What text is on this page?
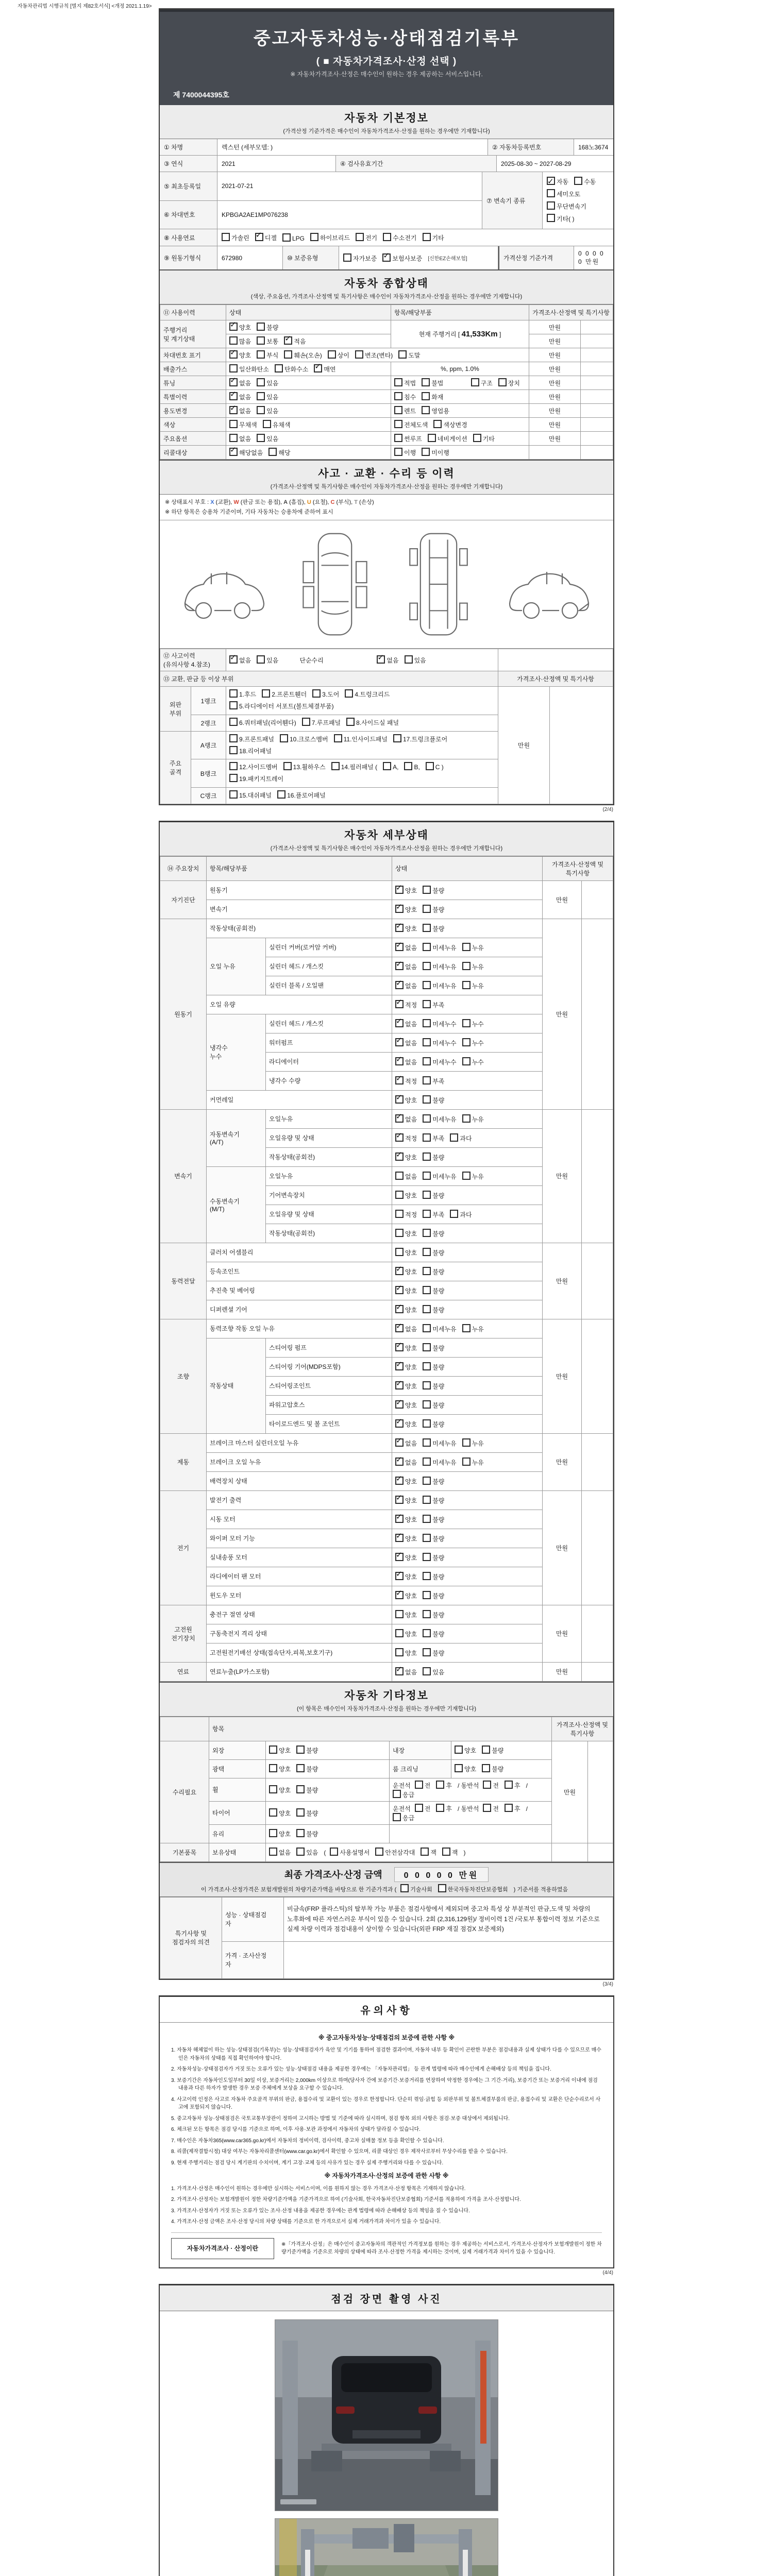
자동차관리법 시행규칙 [별지 제82호서식] <개정 2021.1.19>
중고자동차성능·상태점검기록부
( ■ 자동차가격조사·산정 선택 )
※ 자동차가격조사·산정은 매수인이 원하는 경우 제공하는 서비스입니다.
제 7400044395호
자동차 기본정보
(가격산정 기준가격은 매수인이 자동차가격조사·산정을 원하는 경우에만 기재합니다)
① 차명	렉스턴 (세부모델: )	② 자동차등록번호	168노3674
③ 연식	2021	④ 검사유효기간	2025-08-30 ~ 2027-08-29
⑤ 최초등록일	2021-07-21
⑥ 차대번호	KPBGA2AE1MP076238
⑦ 변속기 종류
✓자동	수동
세미오토
무단변속기
기타( )
⑧ 사용연료	가솔린 ✓	디젤	LPG	하이브리드	전기	수소전기	기타
⑨ 원동기형식	672980	⑩ 보증유형	자가보증 ✓	보험사보증 [신한EZ손해보험]	가격산정 기준가격
0 0 0 0 0 만원
자동차 종합상태
(색상, 주요옵션, 가격조사·산정액 및 특기사항은 매수인이 자동차가격조사·산정을 원하는 경우에만 기재합니다)
⑪ 사용이력	상태	항목/해당부품	가격조사·산정액 및 특기사항	
주행거리
및 계기상태	✓양호 불량	현재 주행거리 [ 41,533Km ]	만원	
	많음 보통 ✓ 적음		만원	
차대번호 표기	✓양호 부식 훼손(오손) 상이 변조(변타) 도말		만원	
배출가스	일산화탄소 탄화수소 ✓ 매연	%, ppm, 1.0%	만원	
튜닝	✓없음 있음	적법 불법 구조 장치	만원	
특별이력	✓없음 있음	침수 화재	만원	
용도변경	✓없음 있음	렌트 영업용	만원	
색상	무채색 유채색	전체도색 색상변경	만원	
주요옵션	없음 있음	썬루프 네비게이션 기타	만원	
리콜대상	✓해당없음 해당	이행 미이행		
사고 · 교환 · 수리 등 이력
(가격조사·산정액 및 특기사항은 매수인이 자동차가격조사·산정을 원하는 경우에만 기재합니다)
※ 상태표시 부호 : X (교환), W (판금 또는 용접), A (흠집), U (요철), C (부식), T (손상)
※ 하단 항목은 승용차 기준이며, 기타 자동차는 승용차에 준하여 표시
⑫ 사고이력 (유의사항 4.참조)	✓없음 있음 단순수리 ✓ 없음 있음	
⑬ 교환, 판금 등 이상 부위			가격조사·산정액 및 특기사항	
외판
부위	1랭크	1.후드 2.프론트휀더 3.도어 4.트렁크리드5.라디에이터 서포트(볼트체결부품)	만원	
	2랭크	6.쿼터패널(리어휀다) 7.루프패널 8.사이드실 패널		
주요
골격	A랭크	9.프론트패널 10.크로스멤버 11.인사이드패널 17.트렁크플로어18.리어패널		
	B랭크	12.사이드멤버 13.휠하우스 14.필러패널 ( A, B, C )19.패키지트레이		
	C랭크	15.대쉬패널 16.플로어패널		
(2/4)
자동차 세부상태
(가격조사·산정액 및 특기사항은 매수인이 자동차가격조사·산정을 원하는 경우에만 기재합니다)
⑭ 주요장치	항목/해당부품		상태	가격조사·산정액 및 특기사항	
자기진단	원동기	✓양호 불량	만원	
	변속기	✓양호 불량
원동기	작동상태(공회전)	✓양호 불량	만원	
	오일 누유	실린더 커버(로커암 커버)	✓없음 미세누유 누유
		실린더 헤드 / 개스킷	✓없음 미세누유 누유
		실린더 블록 / 오일팬	✓없음 미세누유 누유
	오일 유량	✓적정 부족
	냉각수
누수	실린더 헤드 / 개스킷	✓없음 미세누수 누수
		워터펌프	✓없음 미세누수 누수
		라디에이터	✓없음 미세누수 누수
		냉각수 수량	✓적정 부족
	커먼레일	✓양호 불량
변속기	자동변속기
(A/T)	오일누유	✓없음 미세누유 누유	만원	
		오일유량 및 상태	✓적정 부족 과다
		작동상태(공회전)	✓양호 불량
	수동변속기
(M/T)	오일누유	없음 미세누유 누유		
		기어변속장치	양호 불량		
		오일유량 및 상태	적정 부족 과다		
		작동상태(공회전)	양호 불량		
동력전달	클러치 어셈블리		양호 불량	만원	
	등속조인트	✓양호 불량
	추진축 및 베어링	✓양호 불량
	디퍼렌셜 기어	✓양호 불량
조향	동력조향 작동 오일 누유	✓없음 미세누유 누유	만원	
	작동상태	스티어링 펌프	✓양호 불량
		스티어링 기어(MDPS포함)	✓양호 불량
		스티어링조인트	✓양호 불량
		파워고압호스	✓양호 불량
		타이로드엔드 및 볼 조인트	✓양호 불량
제동	브레이크 마스터 실린더오일 누유	✓없음 미세누유 누유	만원	
	브레이크 오일 누유	✓없음 미세누유 누유
	배력장치 상태	✓양호 불량
전기	발전기 출력	✓양호 불량	만원	
	시동 모터	✓양호 불량
	와이퍼 모터 기능	✓양호 불량
	실내송풍 모터	✓양호 불량
	라디에이터 팬 모터	✓양호 불량
	윈도우 모터	✓양호 불량
고전원
전기장치	충전구 절연 상태		양호 불량	만원	
	구동축전지 격리 상태		양호 불량		
	고전원전기배선 상태(접속단자,피복,보호기구)		양호 불량		
연료	연료누출(LP가스포함)	✓없음 있음	만원	
자동차 기타정보
(이 항목은 매수인이 자동차가격조사·산정을 원하는 경우에만 기재합니다)
	항목				가격조사·산정액 및 특기사항	
수리필요	외장	양호 불량	내장	양호 불량	만원	
	광택	양호 불량	룸 크리닝	양호 불량		
	휠	양호 불량	운전석 전 후 / 동반석 전 후 /응급			
	타이어	양호 불량	운전석 전 후 / 동반석 전 후 /응급			
	유리	양호 불량				
기본품목	보유상태	없음 있음 ( 사용설명서 안전삼각대 잭 잭 )				
최종 가격조사·산정 금액	0 0 0 0 0 만원
이 가격조사·산정가격은 보험개발원의 차량기준가액을 바탕으로 한 기준가격과 ( 기술사회	한국자동차진단보증협회 ) 기준서를 적용하였음
특기사항 및
점검자의 의견	성능 · 상태점검
자	비금속(FRP 플라스틱)의 탈부착 가능 부품은 점검사항에서 제외되며 중고차 특성 상 부분적인 판금,도색 및 차량의 노후화에 따른 자연스러운 부식이 있을 수 있습니다. 2회 (2,316,129원)/ 정비이력 1건 /국토부 통합이력 정보 기준으로 실제 차량 이력과 점검내용이 상이할 수 있습니다(외판 FRP 재질 점검X 보증제외)
	가격 · 조사산정
자	
(3/4)
유의사항
※ 중고자동차성능·상태점검의 보증에 관한 사항 ※
1. 자동차 해체없이 하는 성능·상태점검(기록부)는 성능·상태점검자가 육안 및 기기를 통하여 점검한 결과이며, 자동차 내부 등 확인이 곤란한 부분은 점검내용과 실제 상태가 다를 수 있으므로 매수인은 자동차의 상태를 직접 확인하여야 합니다.
2. 자동차성능·상태점검자가 거짓 또는 오류가 있는 성능·상태점검 내용을 제공한 경우에는 「자동차관리법」 등 관계 법령에 따라 매수인에게 손해배상 등의 책임을 집니다.
3. 보증기간은 자동차인도일부터 30일 이상, 보증거리는 2,000km 이상으로 하며(당사자 간에 보증기간·보증거리를 연장하여 약정한 경우에는 그 기간·거리), 보증기간 또는 보증거리 이내에 점검내용과 다른 하자가 발생한 경우 보증 주체에게 보상을 요구할 수 있습니다.
4. 사고이력 인정은 사고로 자동차 주요골격 부위의 판금, 용접수리 및 교환이 있는 경우로 한정합니다. 단순히 꺾임·긁힘 등 외판부위 및 볼트체결부품의 판금, 용접수리 및 교환은 단순수리로서 사고에 포함되지 않습니다.
5. 중고자동차 성능·상태점검은 국토교통부장관이 정하여 고시하는 방법 및 기준에 따라 실시하며, 점검 항목 외의 사항은 점검·보증 대상에서 제외됩니다.
6. 체크된 모든 항목은 점검 당시를 기준으로 하며, 이후 사용·보관 과정에서 자동차의 상태가 달라질 수 있습니다.
7. 매수인은 자동차365(www.car365.go.kr)에서 자동차의 정비이력, 검사이력, 중고차 실매물 정보 등을 확인할 수 있습니다.
8. 리콜(제작결함시정) 대상 여부는 자동차리콜센터(www.car.go.kr)에서 확인할 수 있으며, 리콜 대상인 경우 제작사로부터 무상수리를 받을 수 있습니다.
9. 현재 주행거리는 점검 당시 계기판의 수치이며, 계기 고장·교체 등의 사유가 있는 경우 실제 주행거리와 다를 수 있습니다.
※ 자동차가격조사·산정의 보증에 관한 사항 ※
1. 가격조사·산정은 매수인이 원하는 경우에만 실시하는 서비스이며, 이를 원하지 않는 경우 가격조사·산정 항목은 기재하지 않습니다.
2. 가격조사·산정자는 보험개발원이 정한 차량기준가액을 기준가격으로 하여 (기술사회, 한국자동차진단보증협회) 기준서를 적용하여 가격을 조사·산정합니다.
3. 가격조사·산정자가 거짓 또는 오류가 있는 조사·산정 내용을 제공한 경우에는 관계 법령에 따라 손해배상 등의 책임을 질 수 있습니다.
4. 가격조사·산정 금액은 조사·산정 당시의 차량 상태를 기준으로 한 가격으로서 실제 거래가격과 차이가 있을 수 있습니다.
자동차가격조사 · 산정이란
※「가격조사·산정」은 매수인이 중고자동차의 객관적인 가격정보를 원하는 경우 제공하는 서비스로서, 가격조사·산정자가 보험개발원이 정한 차량기준가액을 기준으로 차량의 상태에 따라 조사·산정한 가격을 제시하는 것이며, 실제 거래가격과 차이가 있을 수 있습니다.
(4/4)
점검 장면 촬영 사진
